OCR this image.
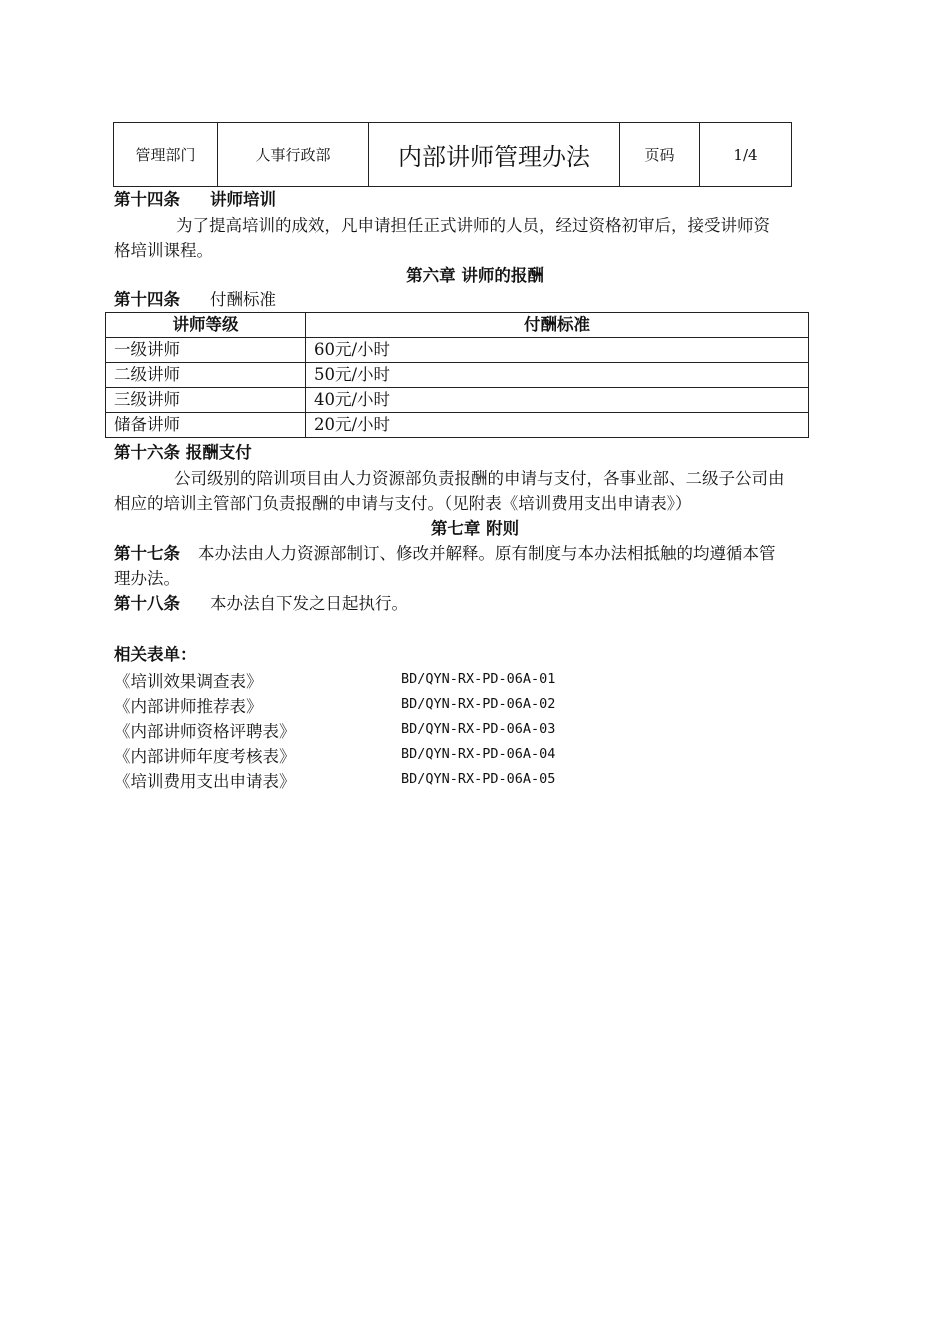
管理部门	人事行政部	内部讲师管理办法	页码	1/4
第十四条 讲师培训
为了提高培训的成效，凡申请担任正式讲师的人员，经过资格初审后，接受讲师资
格培训课程。
第六章 讲师的报酬
第十四条 付酬标准
讲师等级	付酬标准
一级讲师	60元/小时
二级讲师	50元/小时
三级讲师	40元/小时
储备讲师	20元/小时
第十六条 报酬支付
公司级别的陪训项目由人力资源部负责报酬的申请与支付，各事业部、二级子公司由
相应的培训主管部门负责报酬的申请与支付。（见附表《培训费用支出申请表》）
第七章 附则
第十七条 本办法由人力资源部制订、修改并解释。原有制度与本办法相抵触的均遵循本管
理办法。
第十八条 本办法自下发之日起执行。
相关表单：
《培训效果调查表》	BD/QYN-RX-PD-06A-01
《内部讲师推荐表》	BD/QYN-RX-PD-06A-02
《内部讲师资格评聘表》	BD/QYN-RX-PD-06A-03
《内部讲师年度考核表》	BD/QYN-RX-PD-06A-04
《培训费用支出申请表》	BD/QYN-RX-PD-06A-05
